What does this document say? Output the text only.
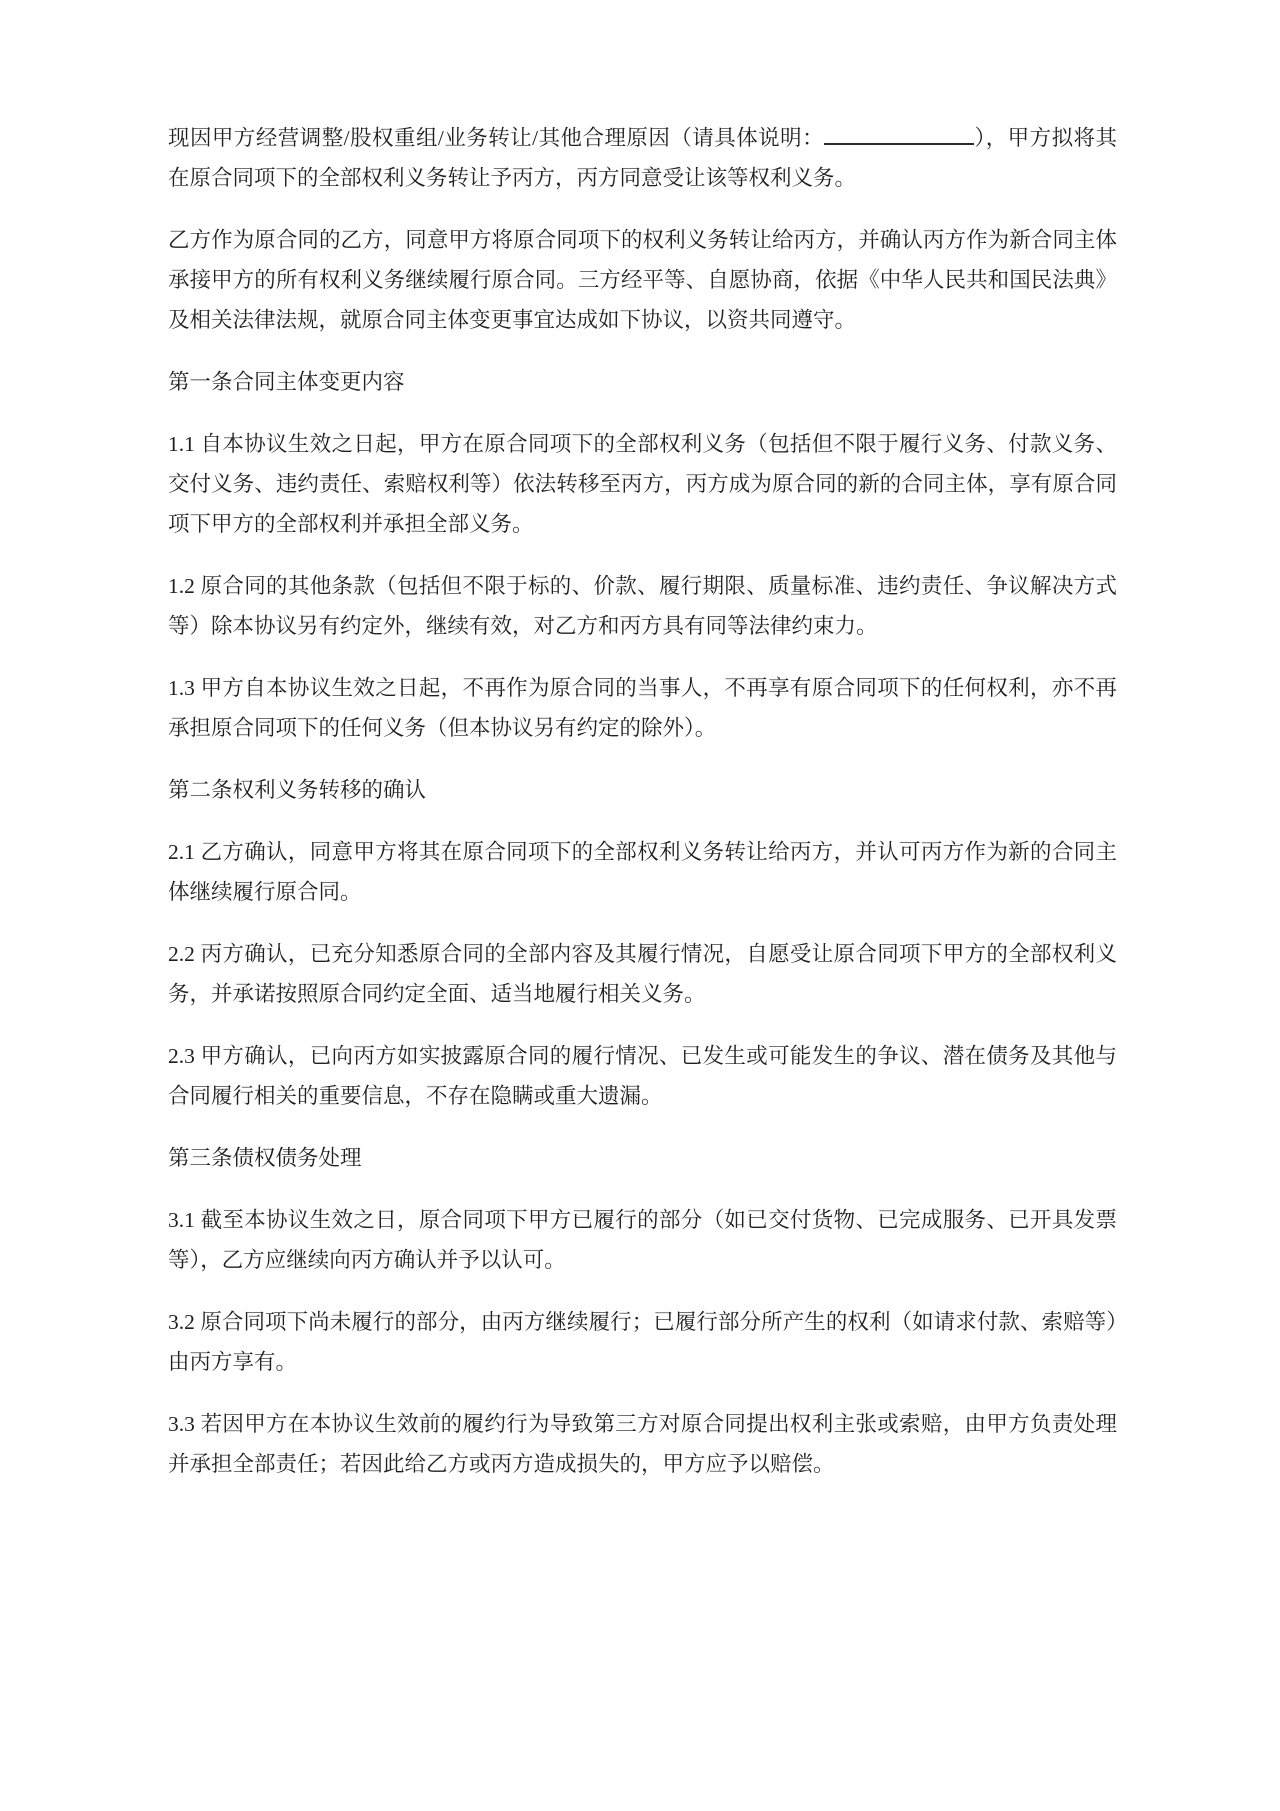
现因甲方经营调整/股权重组/业务转让/其他合理原因（请具体说明：	），甲方拟将其在原合同项下的全部权利义务转让予丙方，丙方同意受让该等权利义务。

乙方作为原合同的乙方，同意甲方将原合同项下的权利义务转让给丙方，并确认丙方作为新合同主体承接甲方的所有权利义务继续履行原合同。三方经平等、自愿协商，依据《中华人民共和国民法典》及相关法律法规，就原合同主体变更事宜达成如下协议，以资共同遵守。

第一条合同主体变更内容

1.1 自本协议生效之日起，甲方在原合同项下的全部权利义务（包括但不限于履行义务、付款义务、交付义务、违约责任、索赔权利等）依法转移至丙方，丙方成为原合同的新的合同主体，享有原合同项下甲方的全部权利并承担全部义务。

1.2 原合同的其他条款（包括但不限于标的、价款、履行期限、质量标准、违约责任、争议解决方式等）除本协议另有约定外，继续有效，对乙方和丙方具有同等法律约束力。

1.3 甲方自本协议生效之日起，不再作为原合同的当事人，不再享有原合同项下的任何权利，亦不再承担原合同项下的任何义务（但本协议另有约定的除外）。

第二条权利义务转移的确认

2.1 乙方确认，同意甲方将其在原合同项下的全部权利义务转让给丙方，并认可丙方作为新的合同主体继续履行原合同。

2.2 丙方确认，已充分知悉原合同的全部内容及其履行情况，自愿受让原合同项下甲方的全部权利义务，并承诺按照原合同约定全面、适当地履行相关义务。

2.3 甲方确认，已向丙方如实披露原合同的履行情况、已发生或可能发生的争议、潜在债务及其他与合同履行相关的重要信息，不存在隐瞒或重大遗漏。

第三条债权债务处理

3.1 截至本协议生效之日，原合同项下甲方已履行的部分（如已交付货物、已完成服务、已开具发票等），乙方应继续向丙方确认并予以认可。

3.2 原合同项下尚未履行的部分，由丙方继续履行；已履行部分所产生的权利（如请求付款、索赔等）由丙方享有。

3.3 若因甲方在本协议生效前的履约行为导致第三方对原合同提出权利主张或索赔，由甲方负责处理并承担全部责任；若因此给乙方或丙方造成损失的，甲方应予以赔偿。
